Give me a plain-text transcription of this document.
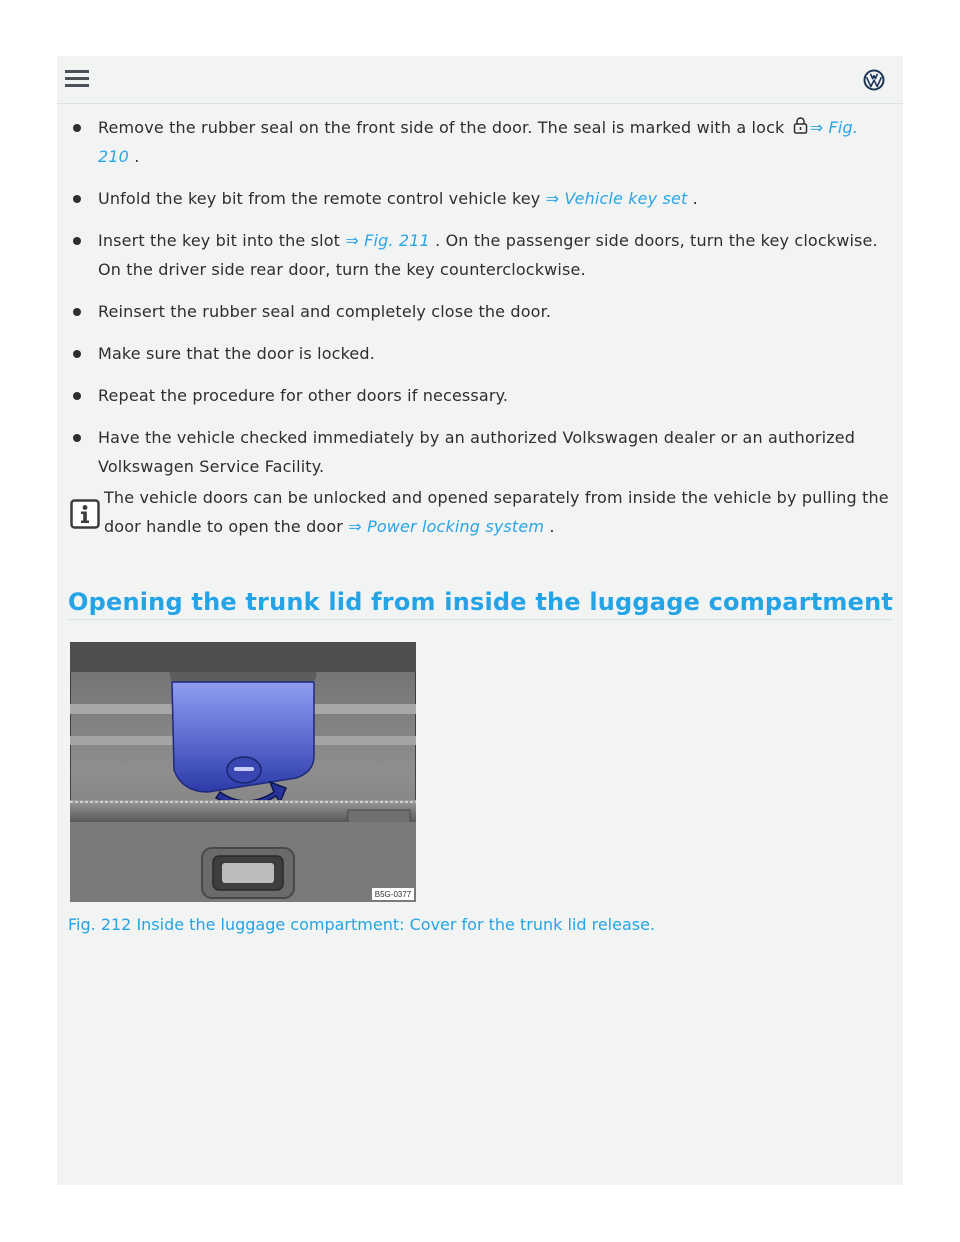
Remove the rubber seal on the front side of the door. The seal is marked with a lock ⇒ Fig. 210 .
Unfold the key bit from the remote control vehicle key ⇒ Vehicle key set .
Insert the key bit into the slot ⇒ Fig. 211 . On the passenger side doors, turn the key clockwise. On the driver side rear door, turn the key counterclockwise.
Reinsert the rubber seal and completely close the door.
Make sure that the door is locked.
Repeat the procedure for other doors if necessary.
Have the vehicle checked immediately by an authorized Volkswagen dealer or an authorized Volkswagen Service Facility.
The vehicle doors can be unlocked and opened separately from inside the vehicle by pulling the door handle to open the door ⇒ Power locking system .
Opening the trunk lid from inside the luggage compartment
B5G-0377
Fig. 212 Inside the luggage compartment: Cover for the trunk lid release.
